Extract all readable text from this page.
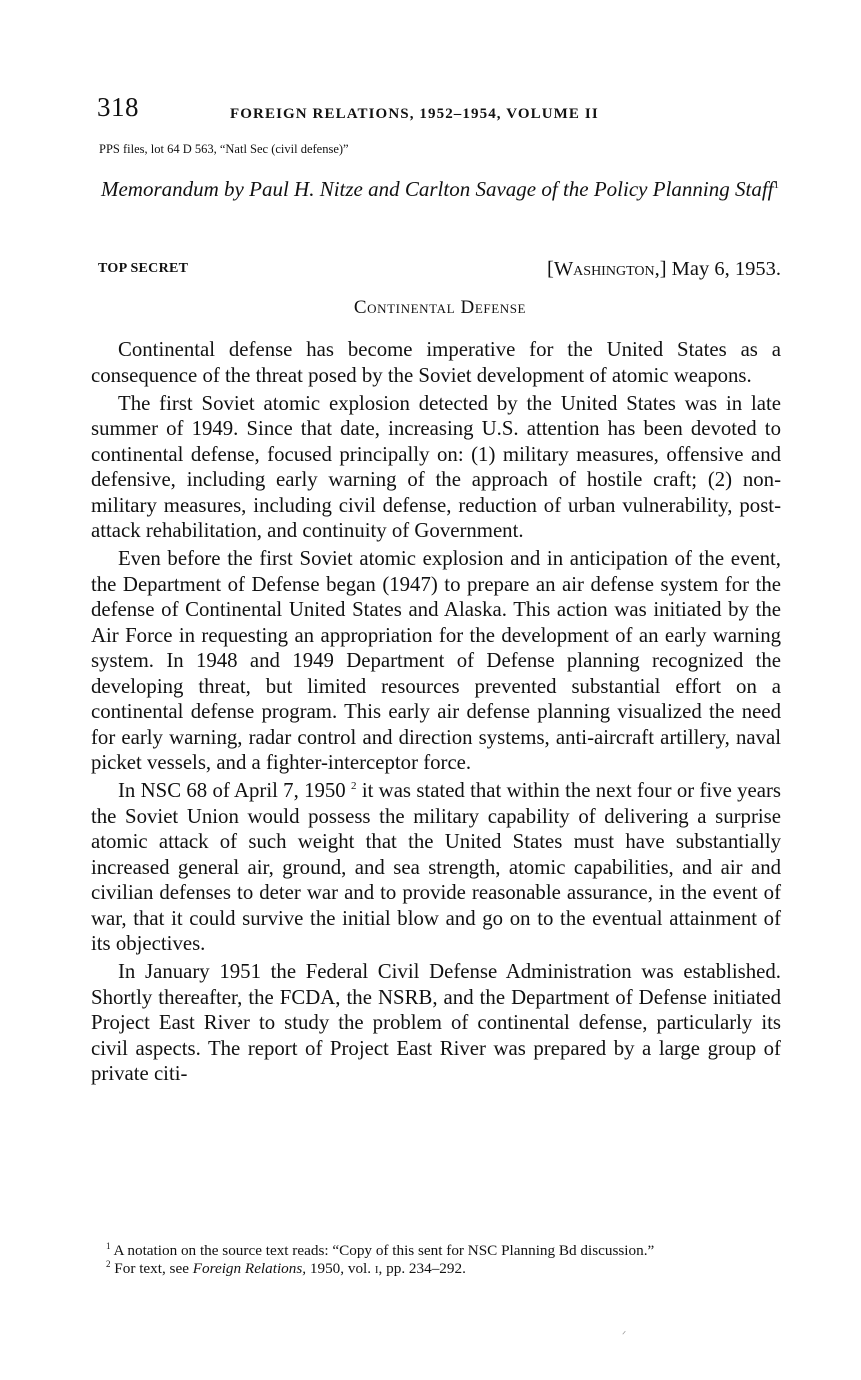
318	FOREIGN RELATIONS, 1952–1954, VOLUME II
PPS files, lot 64 D 563, “Natl Sec (civil defense)”
Memorandum by Paul H. Nitze and Carlton Savage of the Policy Planning Staff$^1$
TOP SECRET	[Washington,] May 6, 1953.
Continental Defense

Continental defense has become imperative for the United States as a consequence of the threat posed by the Soviet development of atomic weapons.

The first Soviet atomic explosion detected by the United States was in late summer of 1949. Since that date, increasing U.S. attention has been devoted to continental defense, focused principally on: (1) military measures, offensive and defensive, including early warning of the approach of hostile craft; (2) non-military measures, including civil defense, reduction of urban vulnerability, post-attack rehabilitation, and continuity of Government.

Even before the first Soviet atomic explosion and in anticipation of the event, the Department of Defense began (1947) to prepare an air defense system for the defense of Continental United States and Alaska. This action was initiated by the Air Force in requesting an appropriation for the development of an early warning system. In 1948 and 1949 Department of Defense planning recognized the developing threat, but limited resources prevented substantial effort on a continental defense program. This early air defense planning visualized the need for early warning, radar control and direction systems, anti-aircraft artillery, naval picket vessels, and a fighter-interceptor force.

In NSC 68 of April 7, 1950 $^2$ it was stated that within the next four or five years the Soviet Union would possess the military capability of delivering a surprise atomic attack of such weight that the United States must have substantially increased general air, ground, and sea strength, atomic capabilities, and air and civilian defenses to deter war and to provide reasonable assurance, in the event of war, that it could survive the initial blow and go on to the eventual attainment of its objectives.

In January 1951 the Federal Civil Defense Administration was established. Shortly thereafter, the FCDA, the NSRB, and the Department of Defense initiated Project East River to study the problem of continental defense, particularly its civil aspects. The report of Project East River was prepared by a large group of private citi-

$^1$ A notation on the source text reads: “Copy of this sent for NSC Planning Bd discussion.”

$^2$ For text, see Foreign Relations, 1950, vol. i, pp. 234–292.

ᐟ
